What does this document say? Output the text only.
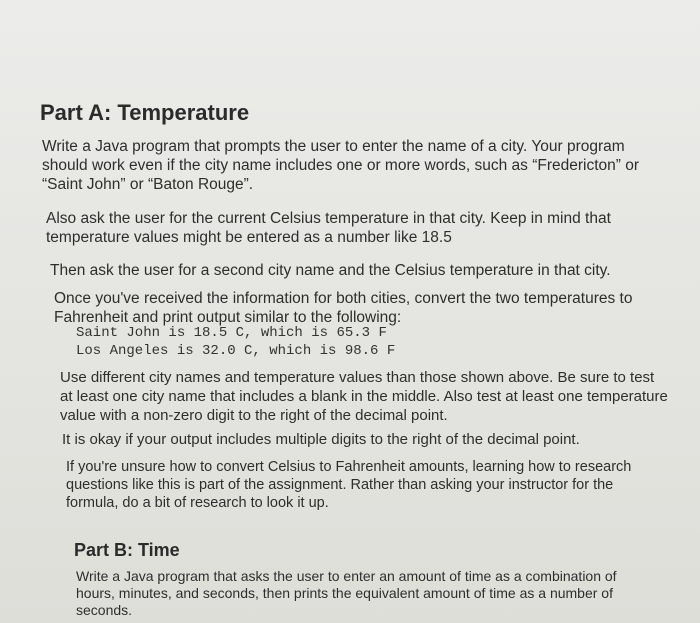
Part A: Temperature

Write a Java program that prompts the user to enter the name of a city. Your program should work even if the city name includes one or more words, such as “Fredericton” or “Saint John” or “Baton Rouge”.

Also ask the user for the current Celsius temperature in that city. Keep in mind that temperature values might be entered as a number like 18.5

Then ask the user for a second city name and the Celsius temperature in that city.

Once you've received the information for both cities, convert the two temperatures to Fahrenheit and print output similar to the following:

Saint John is 18.5 C, which is 65.3 F
Los Angeles is 32.0 C, which is 98.6 F

Use different city names and temperature values than those shown above. Be sure to test at least one city name that includes a blank in the middle. Also test at least one temperature value with a non-zero digit to the right of the decimal point.

It is okay if your output includes multiple digits to the right of the decimal point.

If you're unsure how to convert Celsius to Fahrenheit amounts, learning how to research questions like this is part of the assignment. Rather than asking your instructor for the formula, do a bit of research to look it up.

Part B: Time

Write a Java program that asks the user to enter an amount of time as a combination of hours, minutes, and seconds, then prints the equivalent amount of time as a number of seconds.
